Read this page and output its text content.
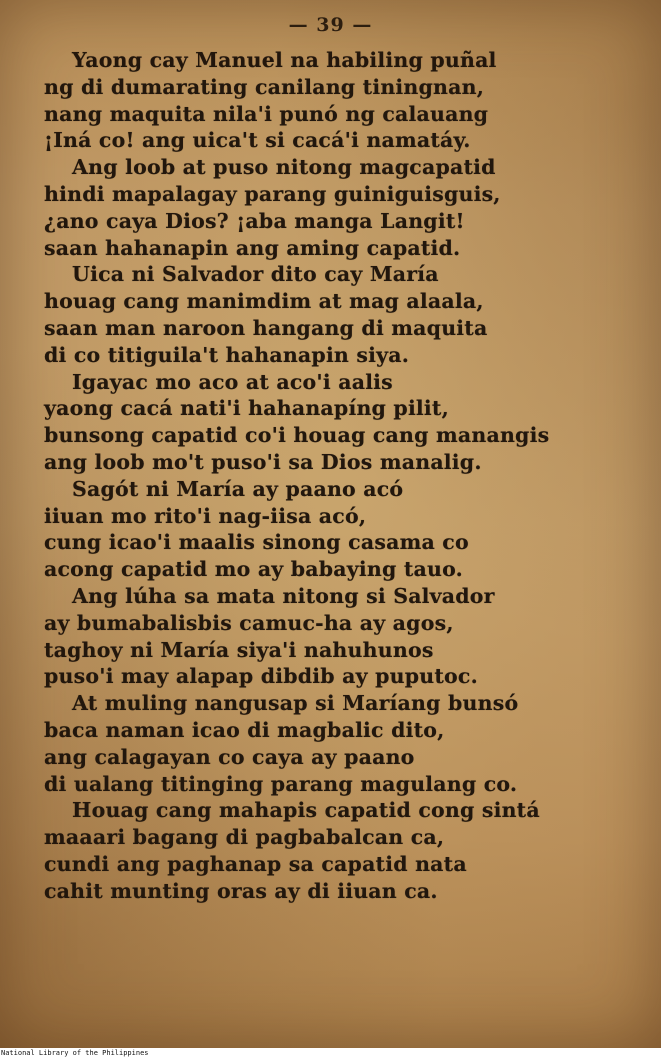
— 39 —
Yaong cay Manuel na habiling puñal
ng di dumarating canilang tiningnan,
nang maquita nila'i punó ng calauang
¡Iná co! ang uica't si cacá'i namatáy.
Ang loob at puso nitong magcapatid
hindi mapalagay parang guiniguisguis,
¿ano caya Dios? ¡aba manga Langit!
saan hahanapin ang aming capatid.
Uica ni Salvador dito cay María
houag cang manimdim at mag alaala,
saan man naroon hangang di maquita
di co titiguila't hahanapin siya.
Igayac mo aco at aco'i aalis
yaong cacá nati'i hahanapíng pilit,
bunsong capatid co'i houag cang manangis
ang loob mo't puso'i sa Dios manalig.
Sagót ni María ay paano acó
iiuan mo rito'i nag-iisa acó,
cung icao'i maalis sinong casama co
acong capatid mo ay babaying tauo.
Ang lúha sa mata nitong si Salvador
ay bumabalisbis camuc-ha ay agos,
taghoy ni María siya'i nahuhunos
puso'i may alapap dibdib ay puputoc.
At muling nangusap si Maríang bunsó
baca naman icao di magbalic dito,
ang calagayan co caya ay paano
di ualang titinging parang magulang co.
Houag cang mahapis capatid cong sintá
maaari bagang di pagbabalcan ca,
cundi ang paghanap sa capatid nata
cahit munting oras ay di iiuan ca.
National Library of the Philippines
